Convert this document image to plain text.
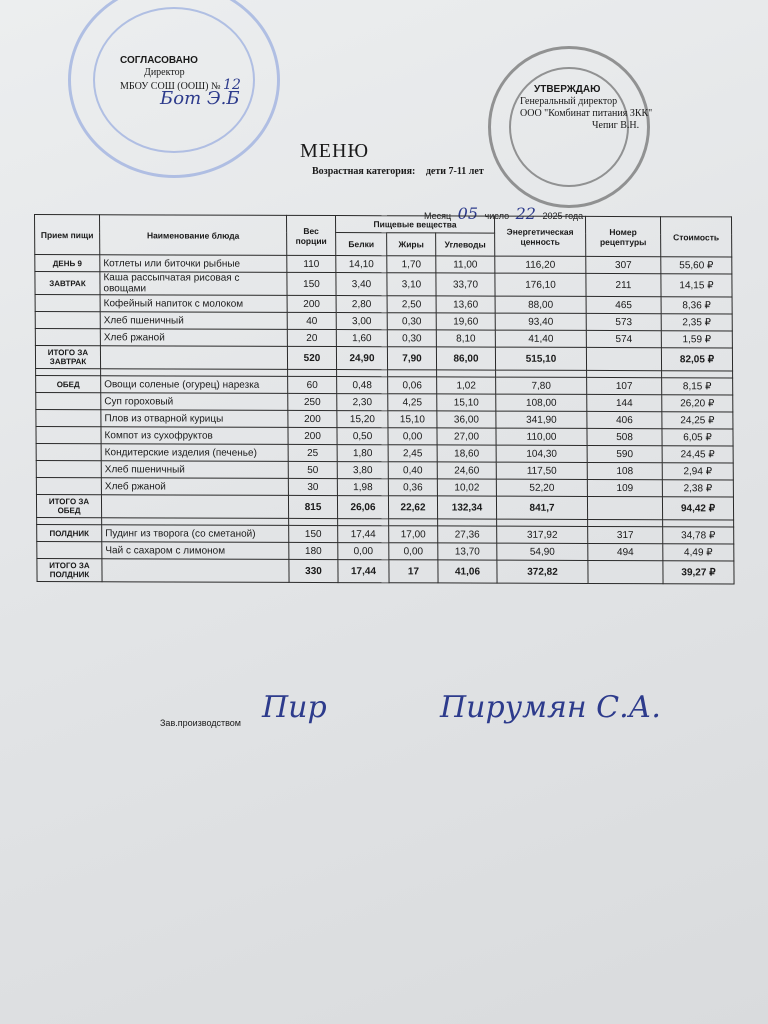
СОГЛАСОВАНО
Директор
МБОУ СОШ (ООШ) № 12
Бот Э.Б	УТВЕРЖДАЮ
Генеральный директор
ООО "Комбинат питания ЗКК"
Чепиг В.Н.
МЕНЮ
Возрастная категория: дети 7-11 лет
Месяц 05 число 22 2025 года
Прием пищи	Наименование блюда	Вес порции	Пищевые вещества			Энергетическая ценность	Номер рецептуры	Стоимость
			Белки	Жиры	Углеводы			
ДЕНЬ 9	Котлеты или биточки рыбные	110	14,10	1,70	11,00	116,20	307	55,60 ₽
ЗАВТРАК	Каша рассыпчатая рисовая с овощами	150	3,40	3,10	33,70	176,10	211	14,15 ₽
	Кофейный напиток с молоком	200	2,80	2,50	13,60	88,00	465	8,36 ₽
	Хлеб пшеничный	40	3,00	0,30	19,60	93,40	573	2,35 ₽
	Хлеб ржаной	20	1,60	0,30	8,10	41,40	574	1,59 ₽
ИТОГО ЗА ЗАВТРАК		520	24,90	7,90	86,00	515,10		82,05 ₽

ОБЕД	Овощи соленые (огурец) нарезка	60	0,48	0,06	1,02	7,80	107	8,15 ₽
	Суп гороховый	250	2,30	4,25	15,10	108,00	144	26,20 ₽
	Плов из отварной курицы	200	15,20	15,10	36,00	341,90	406	24,25 ₽
	Компот из сухофруктов	200	0,50	0,00	27,00	110,00	508	6,05 ₽
	Кондитерские изделия (печенье)	25	1,80	2,45	18,60	104,30	590	24,45 ₽
	Хлеб пшеничный	50	3,80	0,40	24,60	117,50	108	2,94 ₽
	Хлеб ржаной	30	1,98	0,36	10,02	52,20	109	2,38 ₽
ИТОГО ЗА ОБЕД		815	26,06	22,62	132,34	841,7		94,42 ₽

ПОЛДНИК	Пудинг из творога (со сметаной)	150	17,44	17,00	27,36	317,92	317	34,78 ₽
	Чай с сахаром с лимоном	180	0,00	0,00	13,70	54,90	494	4,49 ₽
ИТОГО ЗА ПОЛДНИК		330	17,44	17	41,06	372,82		39,27 ₽
Зав.производством Пир	Пирумян С.А.
